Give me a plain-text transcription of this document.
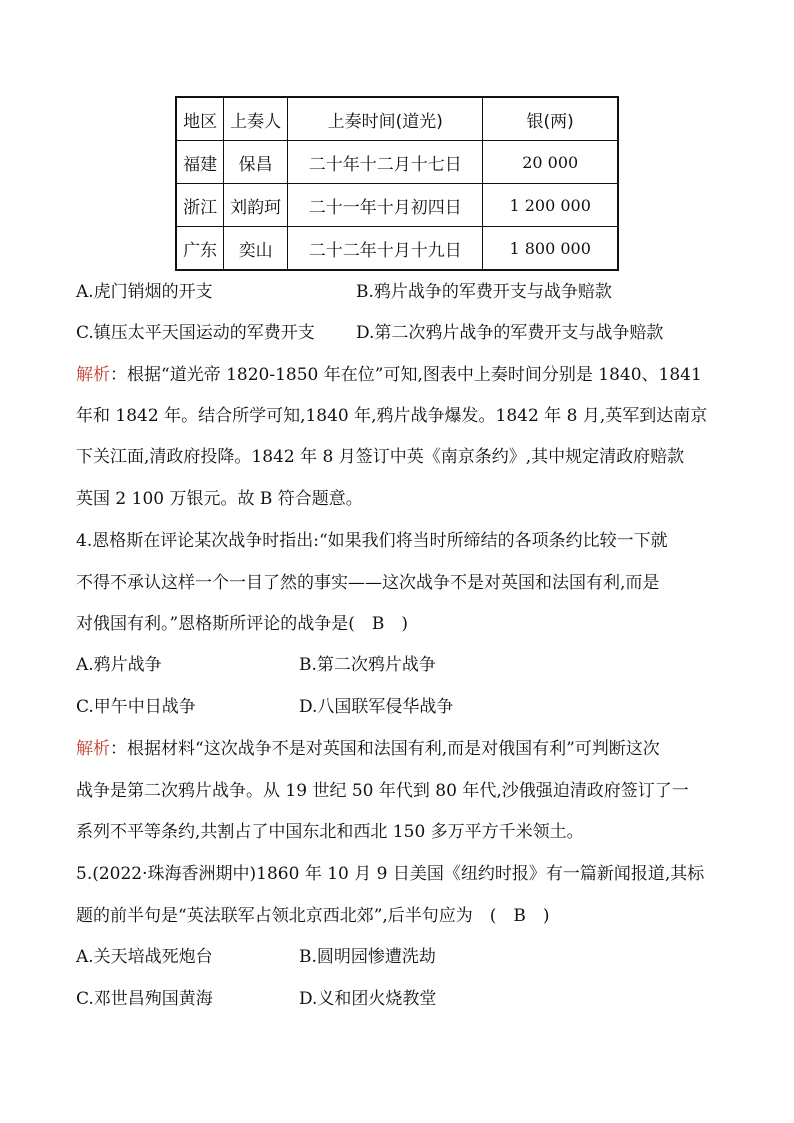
地区	上奏人	上奏时间(道光)	银(两)
福建	保昌	二十年十二月十七日	20 000
浙江	刘韵珂	二十一年十月初四日	1 200 000
广东	奕山	二十二年十月十九日	1 800 000
A.虎门销烟的开支	B.鸦片战争的军费开支与战争赔款
C.镇压太平天国运动的军费开支 D.第二次鸦片战争的军费开支与战争赔款
解析：根据“道光帝 1820-1850 年在位”可知,图表中上奏时间分别是 1840、1841
年和 1842 年。结合所学可知,1840 年,鸦片战争爆发。1842 年 8 月,英军到达南京
下关江面,清政府投降。1842 年 8 月签订中英《南京条约》,其中规定清政府赔款
英国 2 100 万银元。故 B 符合题意。
4.恩格斯在评论某次战争时指出:“如果我们将当时所缔结的各项条约比较一下就
不得不承认这样一个一目了然的事实——这次战争不是对英国和法国有利,而是
对俄国有利。”恩格斯所评论的战争是(　B　)
A.鸦片战争	B.第二次鸦片战争
C.甲午中日战争	D.八国联军侵华战争
解析：根据材料“这次战争不是对英国和法国有利,而是对俄国有利”可判断这次
战争是第二次鸦片战争。从 19 世纪 50 年代到 80 年代,沙俄强迫清政府签订了一
系列不平等条约,共割占了中国东北和西北 150 多万平方千米领土。
5.(2022·珠海香洲期中)1860 年 10 月 9 日美国《纽约时报》有一篇新闻报道,其标
题的前半句是“英法联军占领北京西北郊”,后半句应为　(　B　)
A.关天培战死炮台	B.圆明园惨遭洗劫
C.邓世昌殉国黄海	D.义和团火烧教堂
